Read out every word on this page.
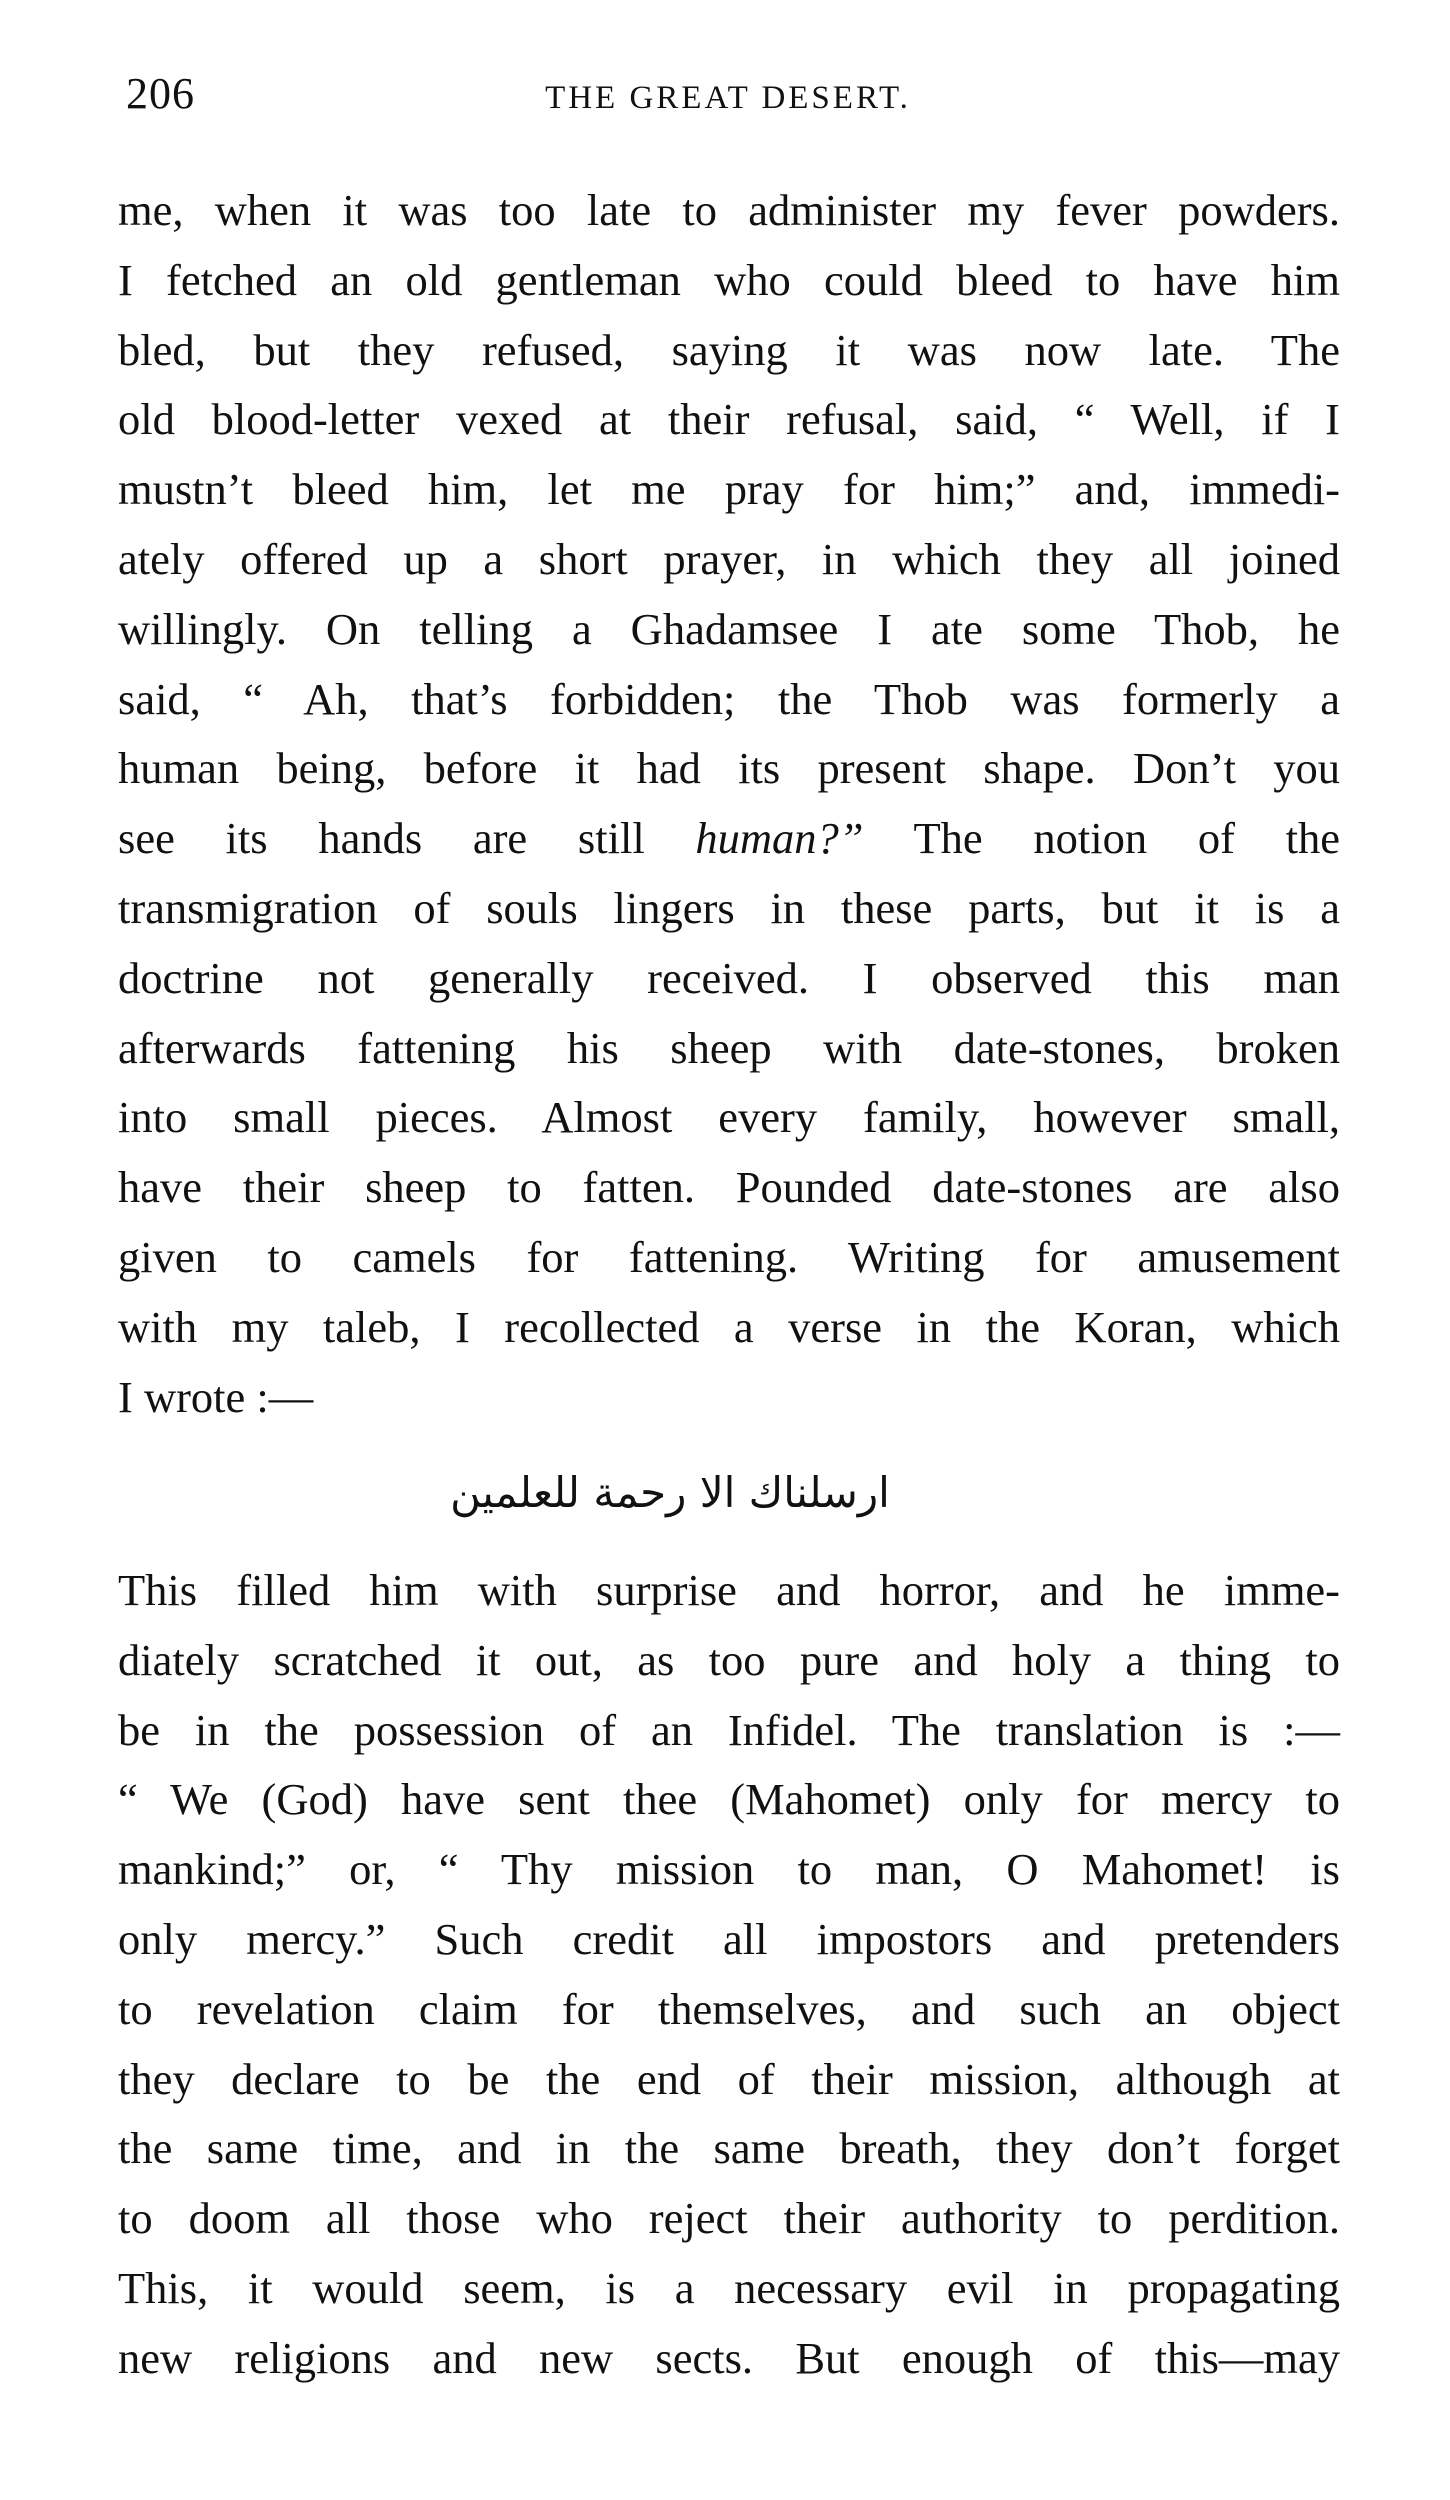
206	THE GREAT DESERT.

me, when it was too late to administer my fever powders.
I fetched an old gentleman who could bleed to have him
bled, but they refused, saying it was now late. The
old blood-letter vexed at their refusal, said, “ Well, if I
mustn’t bleed him, let me pray for him;” and, immedi-
ately offered up a short prayer, in which they all joined
willingly. On telling a Ghadamsee I ate some Thob, he
said, “ Ah, that’s forbidden; the Thob was formerly a
human being, before it had its present shape. Don’t you
see its hands are still human?” The notion of the
transmigration of souls lingers in these parts, but it is a
doctrine not generally received. I observed this man
afterwards fattening his sheep with date-stones, broken
into small pieces. Almost every family, however small,
have their sheep to fatten. Pounded date-stones are also
given to camels for fattening. Writing for amusement
with my taleb, I recollected a verse in the Koran, which
I wrote :—

ارسلناك الا رحمة للعلمين

This filled him with surprise and horror, and he imme-
diately scratched it out, as too pure and holy a thing to
be in the possession of an Infidel. The translation is :—
“ We (God) have sent thee (Mahomet) only for mercy to
mankind;” or, “ Thy mission to man, O Mahomet! is
only mercy.” Such credit all impostors and pretenders
to revelation claim for themselves, and such an object
they declare to be the end of their mission, although at
the same time, and in the same breath, they don’t forget
to doom all those who reject their authority to perdition.
This, it would seem, is a necessary evil in propagating
new religions and new sects. But enough of this—may
